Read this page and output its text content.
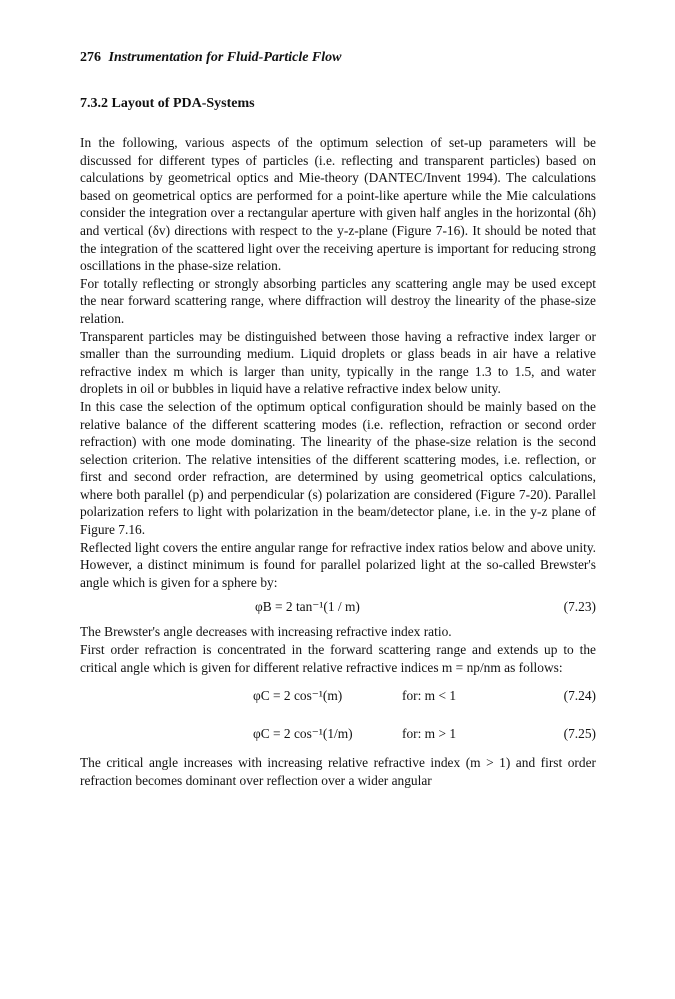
276 Instrumentation for Fluid-Particle Flow
7.3.2 Layout of PDA-Systems

In the following, various aspects of the optimum selection of set-up parameters will be discussed for different types of particles (i.e. reflecting and transparent particles) based on calculations by geometrical optics and Mie-theory (DANTEC/Invent 1994). The calculations based on geometrical optics are performed for a point-like aperture while the Mie calculations consider the integration over a rectangular aperture with given half angles in the horizontal (δh) and vertical (δv) directions with respect to the y-z-plane (Figure 7-16). It should be noted that the integration of the scattered light over the receiving aperture is important for reducing strong oscillations in the phase-size relation.

For totally reflecting or strongly absorbing particles any scattering angle may be used except the near forward scattering range, where diffraction will destroy the linearity of the phase-size relation.

Transparent particles may be distinguished between those having a refractive index larger or smaller than the surrounding medium. Liquid droplets or glass beads in air have a relative refractive index m which is larger than unity, typically in the range 1.3 to 1.5, and water droplets in oil or bubbles in liquid have a relative refractive index below unity.

In this case the selection of the optimum optical configuration should be mainly based on the relative balance of the different scattering modes (i.e. reflection, refraction or second order refraction) with one mode dominating. The linearity of the phase-size relation is the second selection criterion. The relative intensities of the different scattering modes, i.e. reflection, or first and second order refraction, are determined by using geometrical optics calculations, where both parallel (p) and perpendicular (s) polarization are considered (Figure 7-20). Parallel polarization refers to light with polarization in the beam/detector plane, i.e. in the y-z plane of Figure 7.16.

Reflected light covers the entire angular range for refractive index ratios below and above unity. However, a distinct minimum is found for parallel polarized light at the so-called Brewster's angle which is given for a sphere by:

φB = 2 tan⁻¹(1 / m)	(7.23)

The Brewster's angle decreases with increasing refractive index ratio.

First order refraction is concentrated in the forward scattering range and extends up to the critical angle which is given for different relative refractive indices m = np/nm as follows:

φC = 2 cos⁻¹(m)	for: m < 1	(7.24)
φC = 2 cos⁻¹(1/m)	for: m > 1	(7.25)

The critical angle increases with increasing relative refractive index (m > 1) and first order refraction becomes dominant over reflection over a wider angular
